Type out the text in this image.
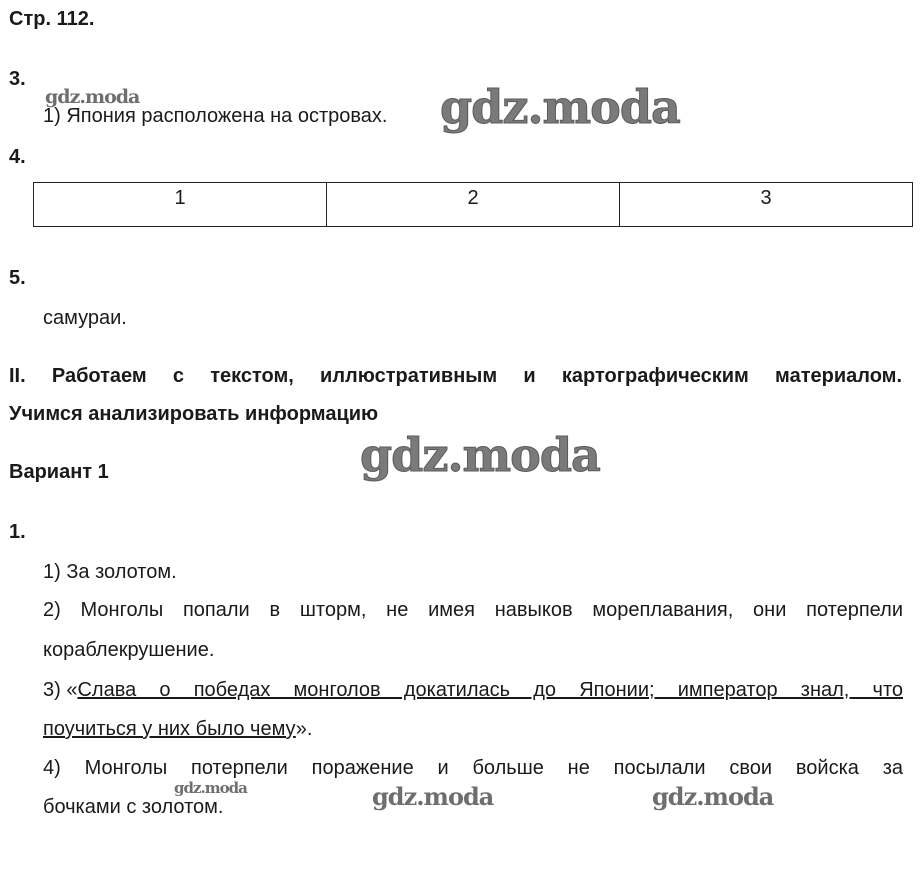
Стр. 112.
3.
gdz.moda
1) Япония расположена на островах. gdz.moda
4.
1	2	3
5.
самураи.
II. Работаем с текстом, иллюстративным и картографическим материалом.
Учимся анализировать информацию
Вариант 1	gdz.moda
1.
1) За золотом.
2) Монголы попали в шторм, не имея навыков мореплавания, они потерпели
кораблекрушение.
3) « Слава о победах монголов докатилась до Японии; император знал, что
поучиться у них было чему».
4) Монголы потерпели поражение и больше не посылали свои войска за
gdz.moda
бочками с золотом.	gdz.moda	gdz.moda
